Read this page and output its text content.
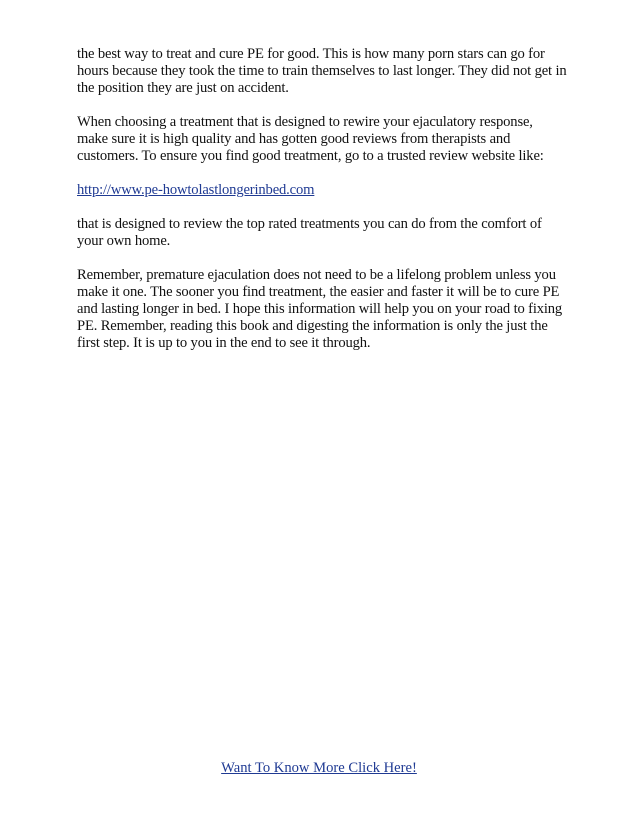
the best way to treat and cure PE for good. This is how many porn stars can go for hours because they took the time to train themselves to last longer. They did not get in the position they are just on accident.

When choosing a treatment that is designed to rewire your ejaculatory response, make sure it is high quality and has gotten good reviews from therapists and customers. To ensure you find good treatment, go to a trusted review website like:

http://www.pe-howtolastlongerinbed.com

that is designed to review the top rated treatments you can do from the comfort of your own home.

Remember, premature ejaculation does not need to be a lifelong problem unless you make it one. The sooner you find treatment, the easier and faster it will be to cure PE and lasting longer in bed. I hope this information will help you on your road to fixing PE. Remember, reading this book and digesting the information is only the just the first step. It is up to you in the end to see it through.

Want To Know More Click Here!
